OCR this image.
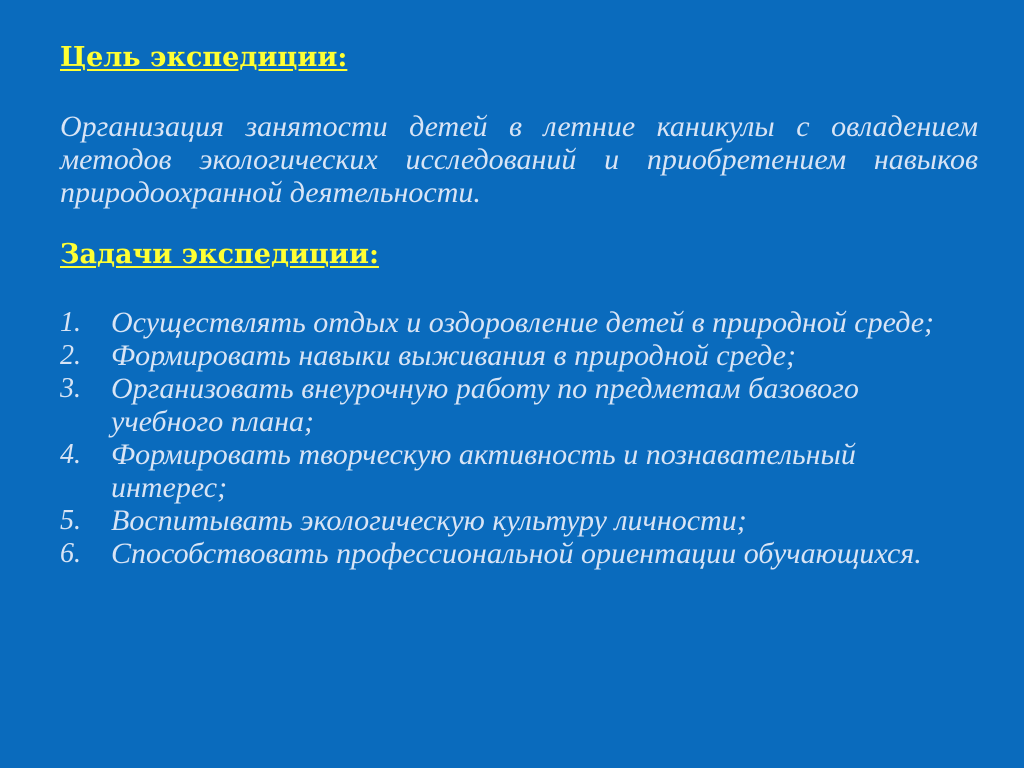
Цель экспедиции:

Организация занятости детей в летние каникулы с овладением методов экологических исследований и приобретением навыков природоохранной деятельности.

Задачи экспедиции:
1. Осуществлять отдых и оздоровление детей в природной среде;
2. Формировать навыки выживания в природной среде;
3. Организовать внеурочную работу по предметам базового учебного плана;
4. Формировать творческую активность и познавательный интерес;
5. Воспитывать экологическую культуру личности;
6. Способствовать профессиональной ориентации обучающихся.
